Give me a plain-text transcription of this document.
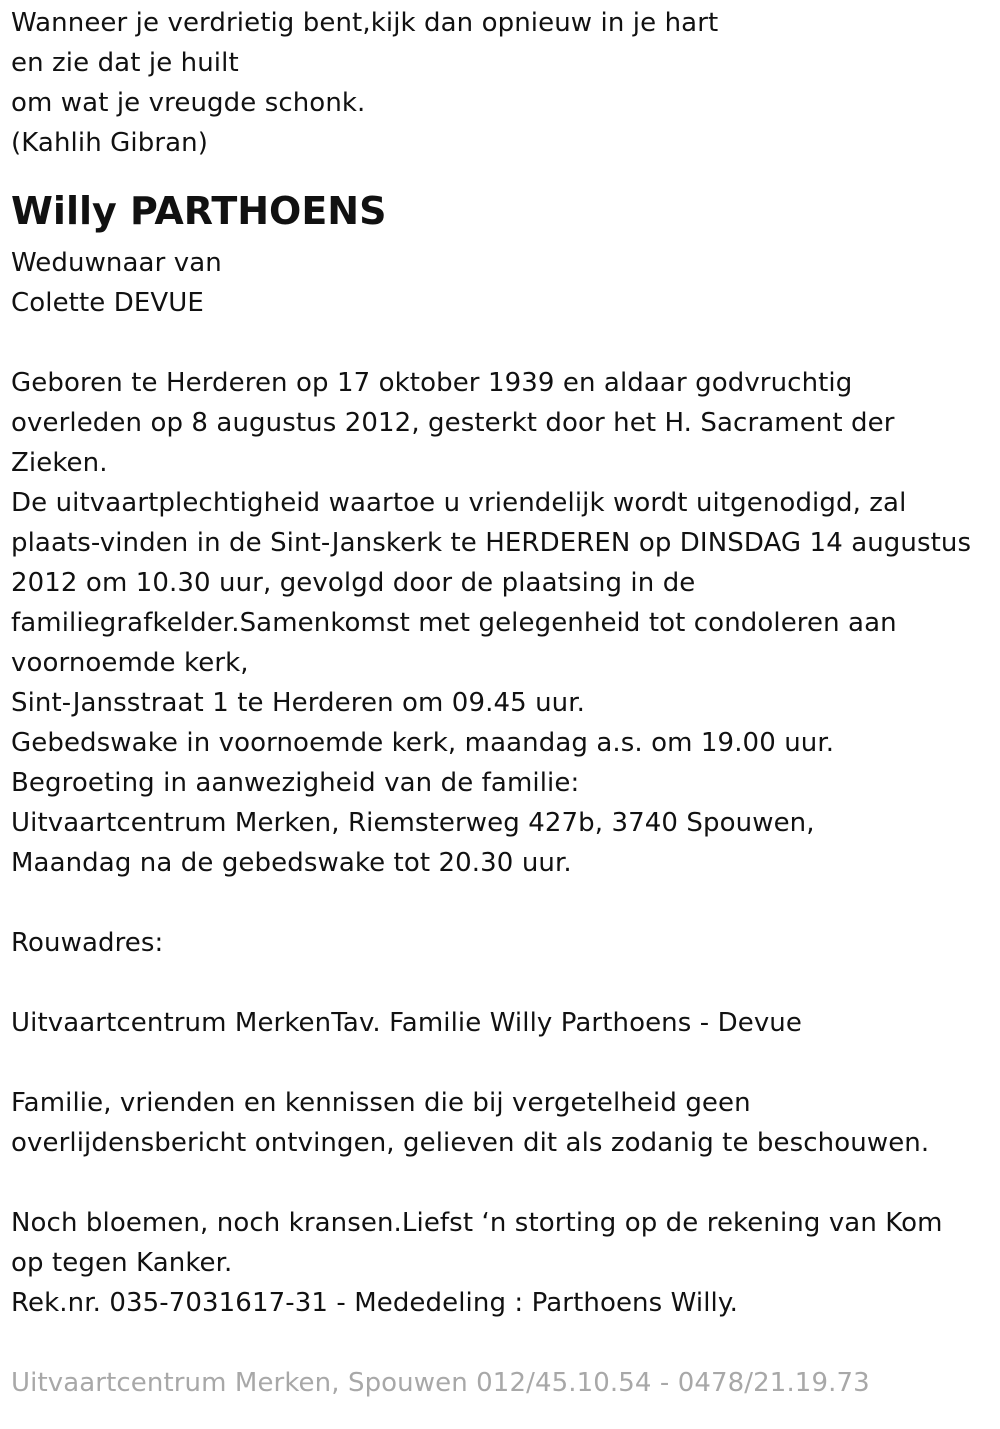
Wanneer je verdrietig bent,kijk dan opnieuw in je hart
en zie dat je huilt
om wat je vreugde schonk.
(Kahlih Gibran)
Willy PARTHOENS
Weduwnaar van
Colette DEVUE
Geboren te Herderen op 17 oktober 1939 en aldaar godvruchtig
overleden op 8 augustus 2012, gesterkt door het H. Sacrament der
Zieken.
De uitvaartplechtigheid waartoe u vriendelijk wordt uitgenodigd, zal
plaats-vinden in de Sint-Janskerk te HERDEREN op DINSDAG 14 augustus
2012 om 10.30 uur, gevolgd door de plaatsing in de
familiegrafkelder.Samenkomst met gelegenheid tot condoleren aan
voornoemde kerk,
Sint-Jansstraat 1 te Herderen om 09.45 uur.
Gebedswake in voornoemde kerk, maandag a.s. om 19.00 uur.
Begroeting in aanwezigheid van de familie:
Uitvaartcentrum Merken, Riemsterweg 427b, 3740 Spouwen,
Maandag na de gebedswake tot 20.30 uur.
Rouwadres:
Uitvaartcentrum MerkenTav. Familie Willy Parthoens - Devue
Familie, vrienden en kennissen die bij vergetelheid geen
overlijdensbericht ontvingen, gelieven dit als zodanig te beschouwen.
Noch bloemen, noch kransen.Liefst ‘n storting op de rekening van Kom
op tegen Kanker.
Rek.nr. 035-7031617-31 - Mededeling : Parthoens Willy.
Uitvaartcentrum Merken, Spouwen 012/45.10.54 - 0478/21.19.73
